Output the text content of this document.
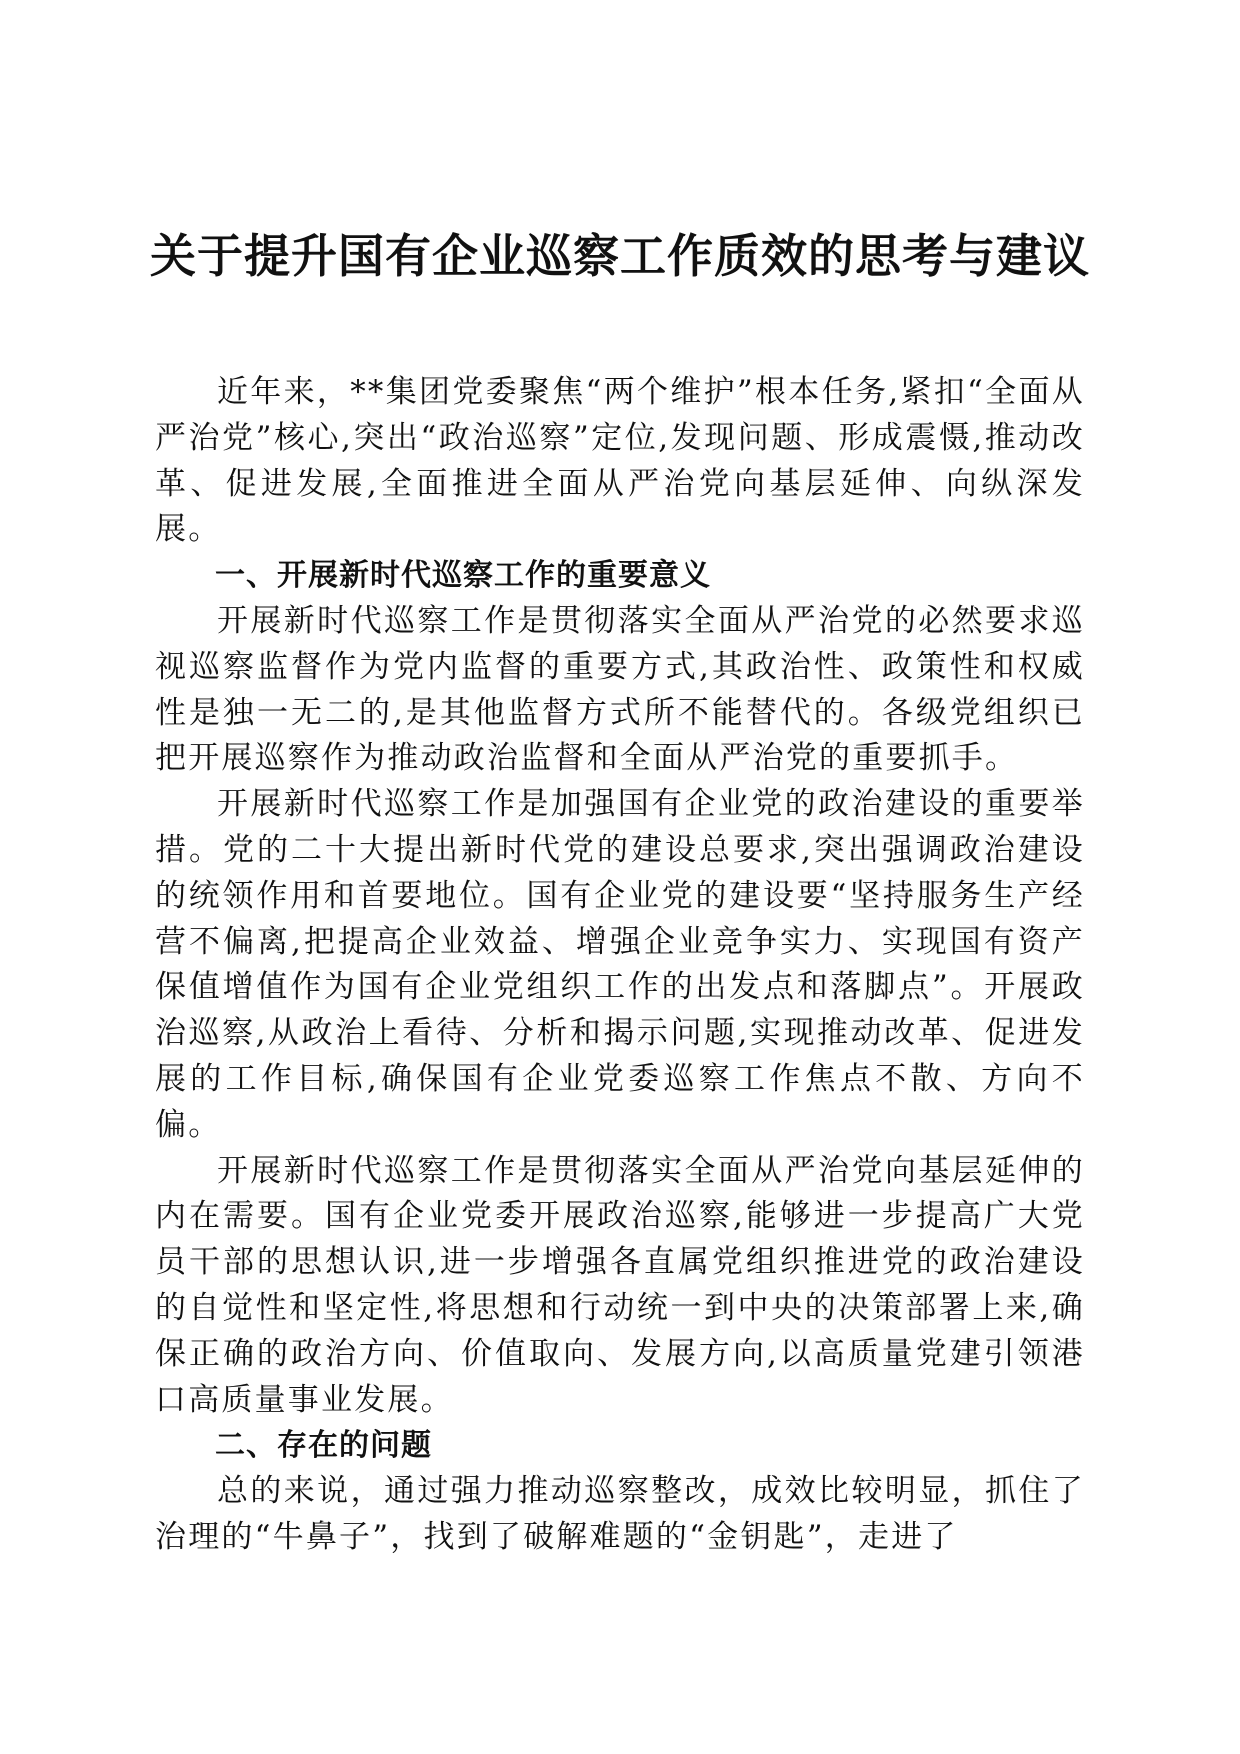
关于提升国有企业巡察工作质效的思考与建议

近年来，**集团党委聚焦“两个维护”根本任务,紧扣“全面从严治党”核心,突出“政治巡察”定位,发现问题、形成震慑,推动改革、促进发展,全面推进全面从严治党向基层延伸、向纵深发展。

一、开展新时代巡察工作的重要意义

开展新时代巡察工作是贯彻落实全面从严治党的必然要求巡视巡察监督作为党内监督的重要方式,其政治性、政策性和权威性是独一无二的,是其他监督方式所不能替代的。各级党组织已把开展巡察作为推动政治监督和全面从严治党的重要抓手。

开展新时代巡察工作是加强国有企业党的政治建设的重要举措。党的二十大提出新时代党的建设总要求,突出强调政治建设的统领作用和首要地位。国有企业党的建设要“坚持服务生产经营不偏离,把提高企业效益、增强企业竞争实力、实现国有资产保值增值作为国有企业党组织工作的出发点和落脚点”。开展政治巡察,从政治上看待、分析和揭示问题,实现推动改革、促进发展的工作目标,确保国有企业党委巡察工作焦点不散、方向不偏。

开展新时代巡察工作是贯彻落实全面从严治党向基层延伸的内在需要。国有企业党委开展政治巡察,能够进一步提高广大党员干部的思想认识,进一步增强各直属党组织推进党的政治建设的自觉性和坚定性,将思想和行动统一到中央的决策部署上来,确保正确的政治方向、价值取向、发展方向,以高质量党建引领港口高质量事业发展。

二、存在的问题

总的来说，通过强力推动巡察整改，成效比较明显，抓住了治理的“牛鼻子”，找到了破解难题的“金钥匙”，走进了
